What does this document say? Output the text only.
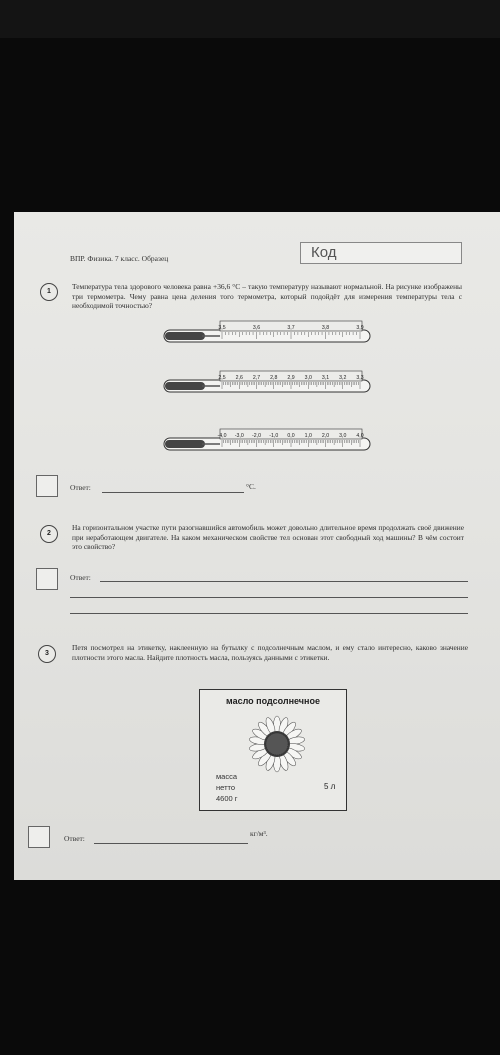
ВПР. Физика. 7 класс. Образец	Код
1
Температура тела здорового человека равна +36,6 °С – такую температуру называют нормальной. На рисунке изображены три термометра. Чему равна цена деления того термометра, который подойдёт для измерения температуры тела с необходимой точностью?
3,5	3,6	3,7	3,8	3,9
2,5 2,6 2,7 2,8 2,9 3,0 3,1 3,2 3,3
-4,0 -3,0 -2,0 -1,0 0,0 1,0 2,0 3,0 4,0
Ответ:	°С.
2
На горизонтальном участке пути разогнавшийся автомобиль может довольно длительное время продолжать своё движение при неработающем двигателе. На каком механическом свойстве тел основан этот свободный ход машины? В чём состоит это свойство?
Ответ:
3
Петя посмотрел на этикетку, наклеенную на бутылку с подсолнечным маслом, и ему стало интересно, каково значение плотности этого масла. Найдите плотность масла, пользуясь данными с этикетки.
масло подсолнечное
масса
нетто
4600 г
5 л
Ответ:
кг/м³.
